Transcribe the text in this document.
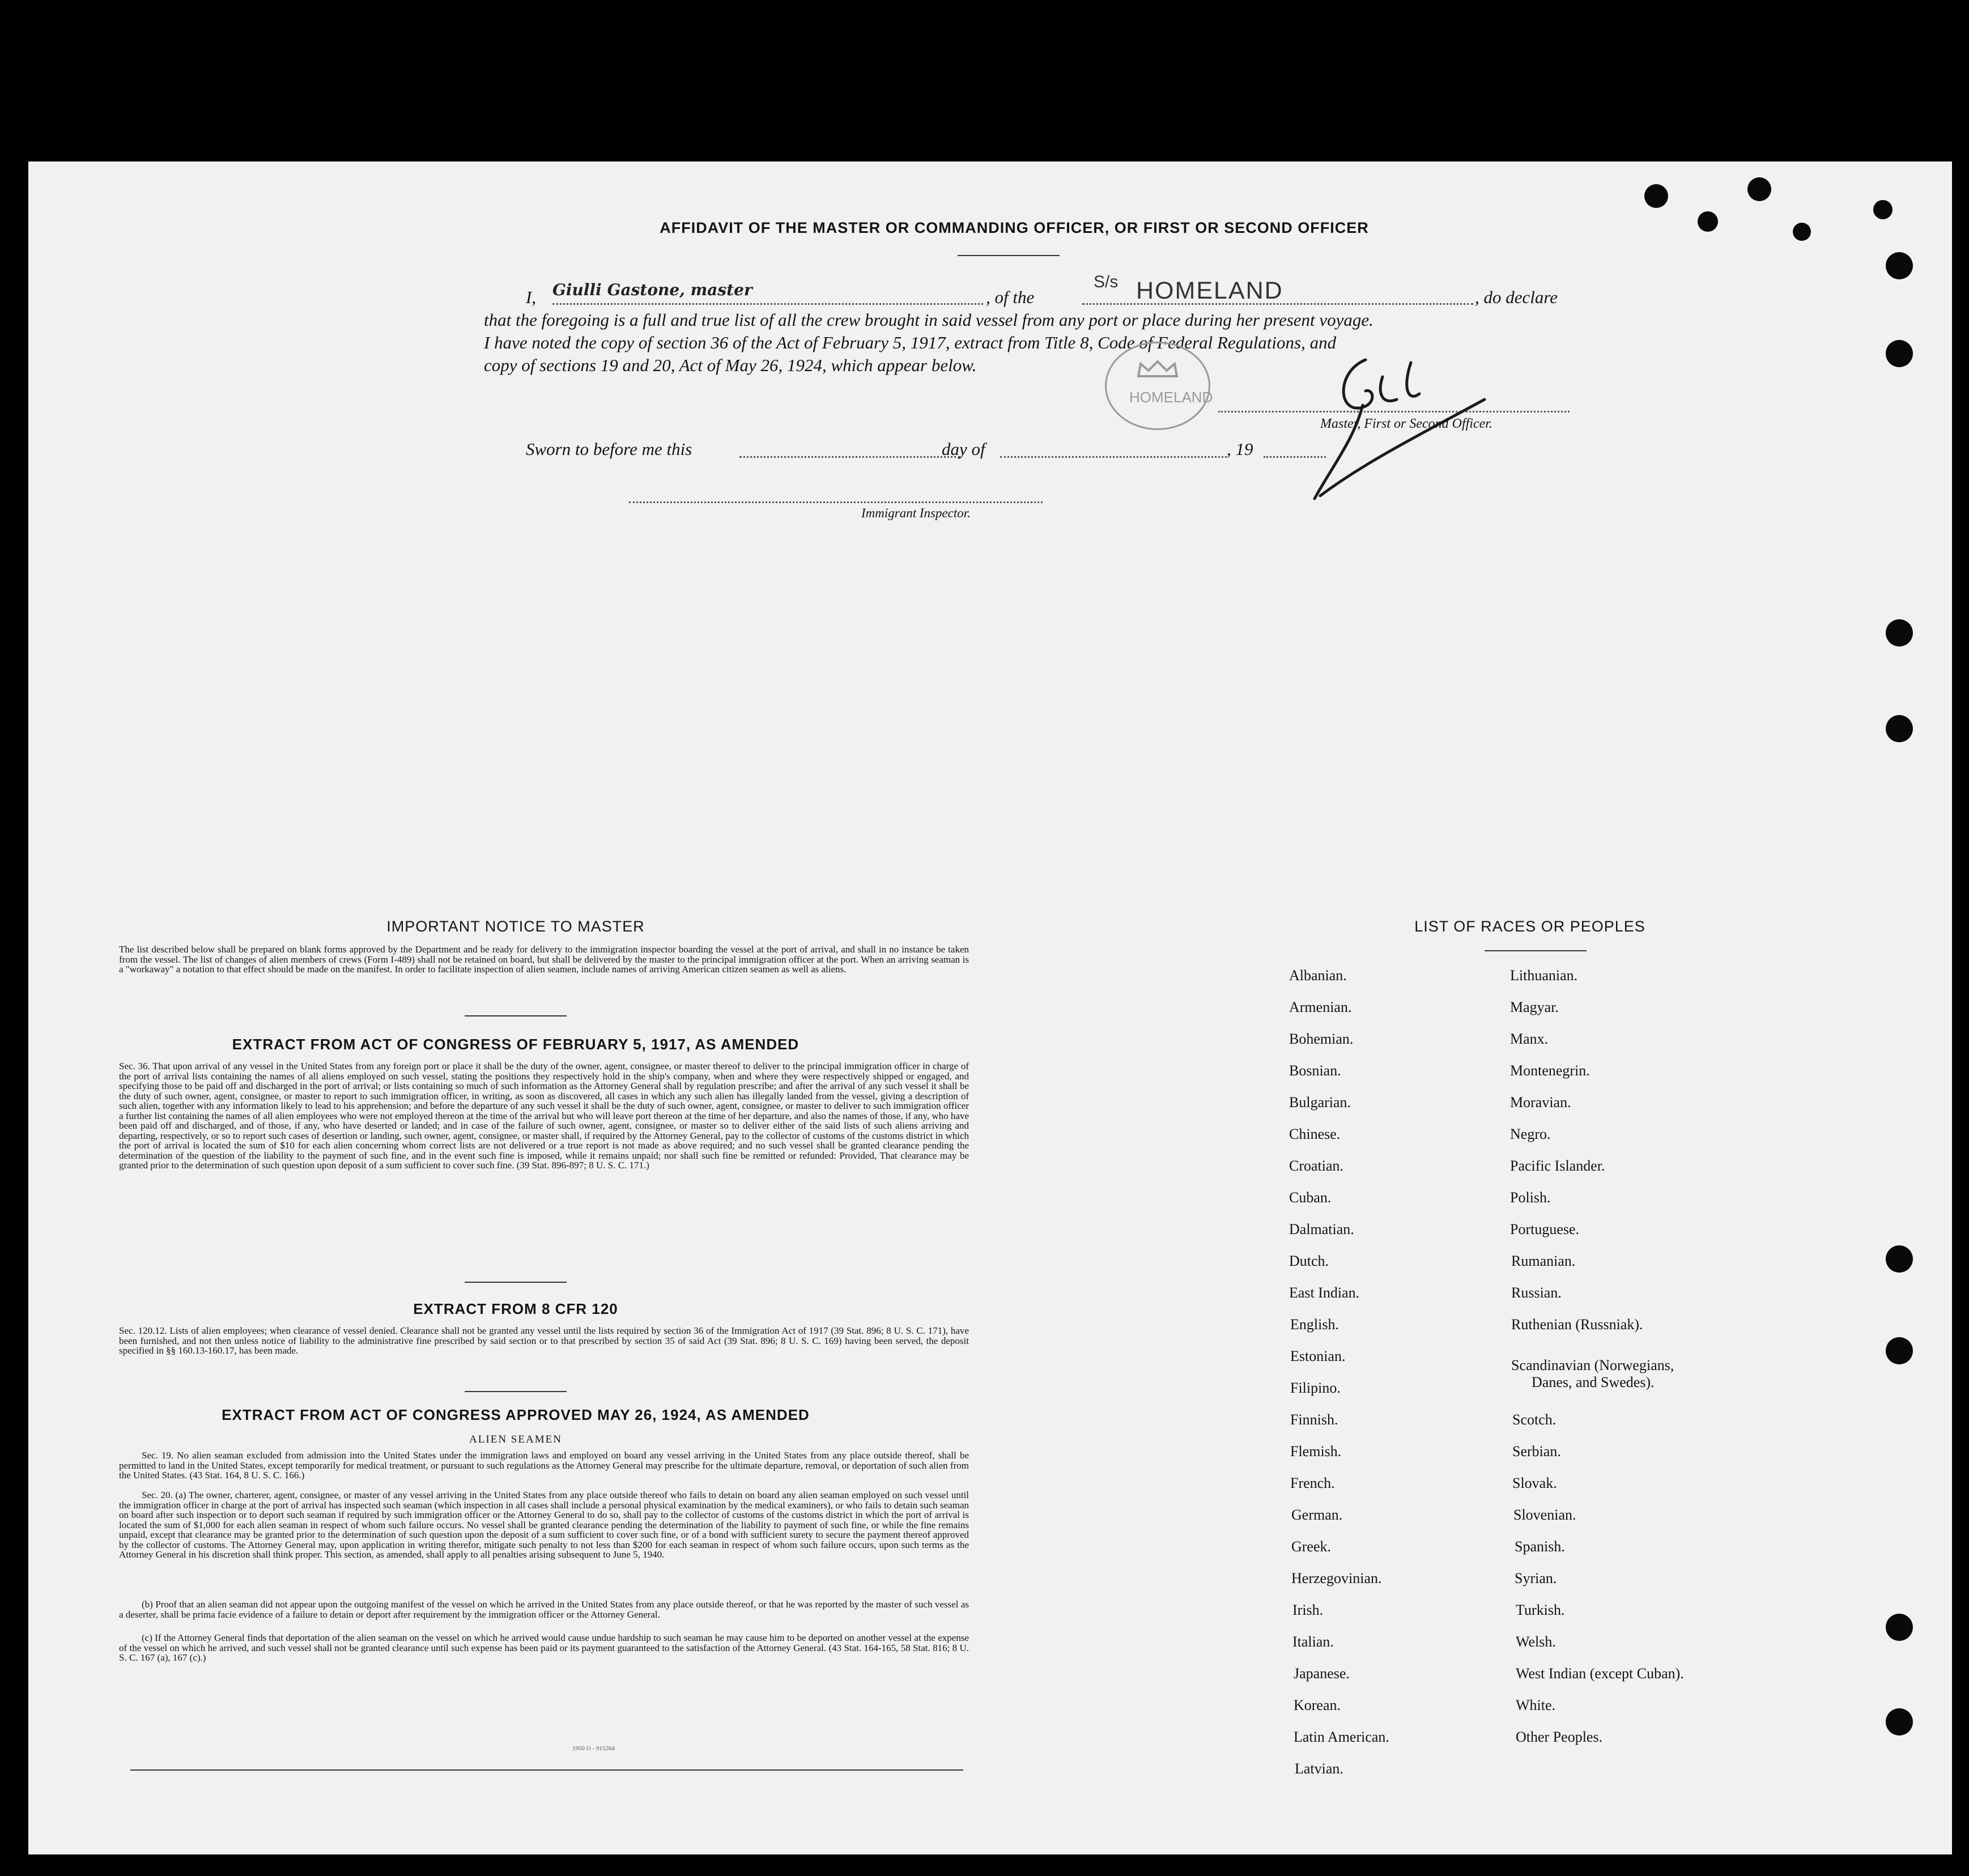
AFFIDAVIT OF THE MASTER OR COMMANDING OFFICER, OR FIRST OR SECOND OFFICER
I, Giulli Gastone, master	, of the
S/s HOMELAND	, do declare
that the foregoing is a full and true list of all the crew brought in said vessel from any port or place during her present voyage.
I have noted the copy of section 36 of the Act of February 5, 1917, extract from Title 8, Code of Federal Regulations, and
copy of sections 19 and 20, Act of May 26, 1924, which appear below.
HOMELAND
Master, First or Second Officer.
Sworn to before me this	day of	, 19
Immigrant Inspector.
IMPORTANT NOTICE TO MASTER
The list described below shall be prepared on blank forms approved by the Department and be ready for delivery to the immigration inspector boarding the vessel at the port of arrival, and shall in no instance be taken from the vessel. The list of changes of alien members of crews (Form I-489) shall not be retained on board, but shall be delivered by the master to the principal immigration officer at the port. When an arriving seaman is a "workaway" a notation to that effect should be made on the manifest. In order to facilitate inspection of alien seamen, include names of arriving American citizen seamen as well as aliens.
EXTRACT FROM ACT OF CONGRESS OF FEBRUARY 5, 1917, AS AMENDED
Sec. 36. That upon arrival of any vessel in the United States from any foreign port or place it shall be the duty of the owner, agent, consignee, or master thereof to deliver to the principal immigration officer in charge of the port of arrival lists containing the names of all aliens employed on such vessel, stating the positions they respectively hold in the ship's company, when and where they were respectively shipped or engaged, and specifying those to be paid off and discharged in the port of arrival; or lists containing so much of such information as the Attorney General shall by regulation prescribe; and after the arrival of any such vessel it shall be the duty of such owner, agent, consignee, or master to report to such immigration officer, in writing, as soon as discovered, all cases in which any such alien has illegally landed from the vessel, giving a description of such alien, together with any information likely to lead to his apprehension; and before the departure of any such vessel it shall be the duty of such owner, agent, consignee, or master to deliver to such immigration officer a further list containing the names of all alien employees who were not employed thereon at the time of the arrival but who will leave port thereon at the time of her departure, and also the names of those, if any, who have been paid off and discharged, and of those, if any, who have deserted or landed; and in case of the failure of such owner, agent, consignee, or master so to deliver either of the said lists of such aliens arriving and departing, respectively, or so to report such cases of desertion or landing, such owner, agent, consignee, or master shall, if required by the Attorney General, pay to the collector of customs of the customs district in which the port of arrival is located the sum of $10 for each alien concerning whom correct lists are not delivered or a true report is not made as above required; and no such vessel shall be granted clearance pending the determination of the question of the liability to the payment of such fine, and in the event such fine is imposed, while it remains unpaid; nor shall such fine be remitted or refunded: Provided, That clearance may be granted prior to the determination of such question upon deposit of a sum sufficient to cover such fine. (39 Stat. 896-897; 8 U. S. C. 171.)
EXTRACT FROM 8 CFR 120
Sec. 120.12. Lists of alien employees; when clearance of vessel denied. Clearance shall not be granted any vessel until the lists required by section 36 of the Immigration Act of 1917 (39 Stat. 896; 8 U. S. C. 171), have been furnished, and not then unless notice of liability to the administrative fine prescribed by said section or to that prescribed by section 35 of said Act (39 Stat. 896; 8 U. S. C. 169) having been served, the deposit specified in §§ 160.13-160.17, has been made.
EXTRACT FROM ACT OF CONGRESS APPROVED MAY 26, 1924, AS AMENDED
ALIEN SEAMEN
Sec. 19. No alien seaman excluded from admission into the United States under the immigration laws and employed on board any vessel arriving in the United States from any place outside thereof, shall be permitted to land in the United States, except temporarily for medical treatment, or pursuant to such regulations as the Attorney General may prescribe for the ultimate departure, removal, or deportation of such alien from the United States. (43 Stat. 164, 8 U. S. C. 166.)
Sec. 20. (a) The owner, charterer, agent, consignee, or master of any vessel arriving in the United States from any place outside thereof who fails to detain on board any alien seaman employed on such vessel until the immigration officer in charge at the port of arrival has inspected such seaman (which inspection in all cases shall include a personal physical examination by the medical examiners), or who fails to detain such seaman on board after such inspection or to deport such seaman if required by such immigration officer or the Attorney General to do so, shall pay to the collector of customs of the customs district in which the port of arrival is located the sum of $1,000 for each alien seaman in respect of whom such failure occurs. No vessel shall be granted clearance pending the determination of the liability to payment of such fine, or while the fine remains unpaid, except that clearance may be granted prior to the determination of such question upon the deposit of a sum sufficient to cover such fine, or of a bond with sufficient surety to secure the payment thereof approved by the collector of customs. The Attorney General may, upon application in writing therefor, mitigate such penalty to not less than $200 for each seaman in respect of whom such failure occurs, upon such terms as the Attorney General in his discretion shall think proper. This section, as amended, shall apply to all penalties arising subsequent to June 5, 1940.
(b) Proof that an alien seaman did not appear upon the outgoing manifest of the vessel on which he arrived in the United States from any place outside thereof, or that he was reported by the master of such vessel as a deserter, shall be prima facie evidence of a failure to detain or deport after requirement by the immigration officer or the Attorney General.
(c) If the Attorney General finds that deportation of the alien seaman on the vessel on which he arrived would cause undue hardship to such seaman he may cause him to be deported on another vessel at the expense of the vessel on which he arrived, and such vessel shall not be granted clearance until such expense has been paid or its payment guaranteed to the satisfaction of the Attorney General. (43 Stat. 164-165, 58 Stat. 816; 8 U. S. C. 167 (a), 167 (c).)
1950 O - 915264
LIST OF RACES OR PEOPLES
Albanian.
Armenian.
Bohemian.
Bosnian.
Bulgarian.
Chinese.
Croatian.
Cuban.
Dalmatian.
Dutch.
East Indian.
English.
Estonian.
Filipino.
Finnish.
Flemish.
French.
German.
Greek.
Herzegovinian.
Irish.
Italian.
Japanese.
Korean.
Latin American.
Latvian.
Lithuanian.
Magyar.
Manx.
Montenegrin.
Moravian.
Negro.
Pacific Islander.
Polish.
Portuguese.
Rumanian.
Russian.
Ruthenian (Russniak).
Scandinavian (Norwegians,
Danes, and Swedes).
Scotch.
Serbian.
Slovak.
Slovenian.
Spanish.
Syrian.
Turkish.
Welsh.
West Indian (except Cuban).
White.
Other Peoples.
